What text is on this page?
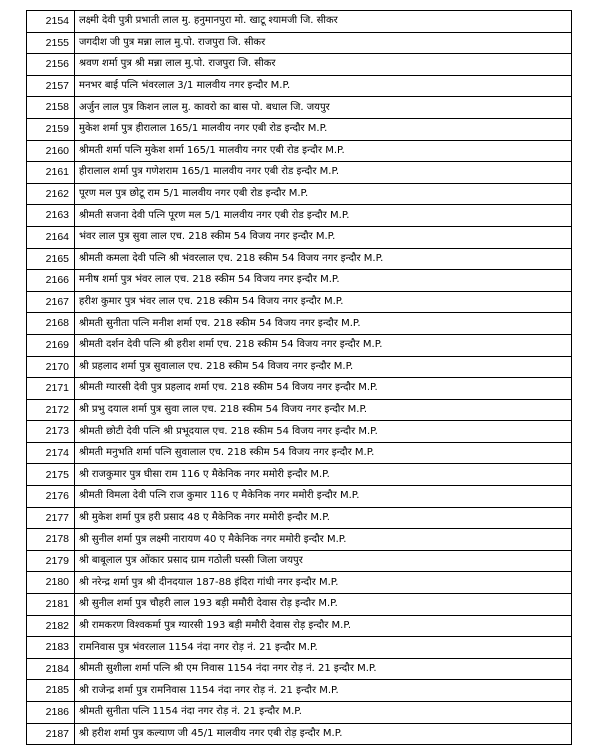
2154	लक्ष्मी देवी पुत्री प्रभाती लाल मु. हनुमानपुरा मो. खाटू श्यामजी जि. सीकर
2155	जगदीश जी पुत्र मन्ना लाल मु.पो. राजपुरा जि. सीकर
2156	श्रवण शर्मा पुत्र श्री मन्ना लाल मु.पो. राजपुरा जि. सीकर
2157	मनभर बाई पत्नि भंवरलाल 3/1 मालवीय नगर इन्दौर M.P.
2158	अर्जुन लाल पुत्र किशन लाल मु. कावरो का बास पो. बधाल जि. जयपुर
2159	मुकेश शर्मा पुत्र हीरालाल 165/1 मालवीय नगर एबी रोड इन्दौर M.P.
2160	श्रीमती शर्मा पत्नि मुकेश शर्मा 165/1 मालवीय नगर एबी रोड इन्दौर M.P.
2161	हीरालाल शर्मा पुत्र गणेशराम 165/1 मालवीय नगर एबी रोड इन्दौर M.P.
2162	पूरण मल पुत्र छोटू राम 5/1 मालवीय नगर एबी रोड इन्दौर M.P.
2163	श्रीमती सजना देवी पत्नि पूरण मल 5/1 मालवीय नगर एबी रोड इन्दौर M.P.
2164	भंवर लाल पुत्र सुवा लाल एच. 218 स्कीम 54 विजय नगर इन्दौर M.P.
2165	श्रीमती कमला देवी पत्नि श्री भंवरलाल एच. 218 स्कीम 54 विजय नगर इन्दौर M.P.
2166	मनीष शर्मा पुत्र भंवर लाल एच. 218 स्कीम 54 विजय नगर इन्दौर M.P.
2167	हरीश कुमार पुत्र भंवर लाल एच. 218 स्कीम 54 विजय नगर इन्दौर M.P.
2168	श्रीमती सुनीता पत्नि मनीश शर्मा एच. 218 स्कीम 54 विजय नगर इन्दौर M.P.
2169	श्रीमती दर्शन देवी पत्नि श्री हरीश शर्मा एच. 218 स्कीम 54 विजय नगर इन्दौर M.P.
2170	श्री प्रहलाद शर्मा पुत्र सुवालाल एच. 218 स्कीम 54 विजय नगर इन्दौर M.P.
2171	श्रीमती ग्यारसी देवी पुत्र प्रहलाद शर्मा एच. 218 स्कीम 54 विजय नगर इन्दौर M.P.
2172	श्री प्रभु दयाल शर्मा पुत्र सुवा लाल एच. 218 स्कीम 54 विजय नगर इन्दौर M.P.
2173	श्रीमती छोटी देवी पत्नि श्री प्रभूदयाल एच. 218 स्कीम 54 विजय नगर इन्दौर M.P.
2174	श्रीमती मनुभति शर्मा पत्नि सुवालाल एच. 218 स्कीम 54 विजय नगर इन्दौर M.P.
2175	श्री राजकुमार पुत्र घीसा राम 116 ए मैकेनिक नगर ममोरी इन्दौर M.P.
2176	श्रीमती विमला देवी पत्नि राज कुमार 116 ए मैकेनिक नगर ममोरी इन्दौर M.P.
2177	श्री मुकेश शर्मा पुत्र हरी प्रसाद 48 ए मैकेनिक नगर ममोरी इन्दौर M.P.
2178	श्री सुनील शर्मा पुत्र लक्ष्मी नारायण 40 ए मैकेनिक नगर ममोरी इन्दौर M.P.
2179	श्री बाबूलाल पुत्र ओंकार प्रसाद ग्राम गठोली घस्सी जिला जयपुर
2180	श्री नरेन्द्र शर्मा पुत्र श्री दीनदयाल 187-88 इंदिरा गांधी नगर इन्दौर M.P.
2181	श्री सुनील शर्मा पुत्र चौहरी लाल 193 बड़ी ममौरी देवास रोड़ इन्दौर M.P.
2182	श्री रामकरण विश्वकर्मा पुत्र ग्यारसी 193 बड़ी ममौरी देवास रोड़ इन्दौर M.P.
2183	रामनिवास पुत्र भंवरलाल 1154 नंदा नगर रोड़ नं. 21 इन्दौर M.P.
2184	श्रीमती सुशीला शर्मा पत्नि श्री एम निवास 1154 नंदा नगर रोड़ नं. 21 इन्दौर M.P.
2185	श्री राजेन्द्र शर्मा पुत्र रामनिवास 1154 नंदा नगर रोड़ नं. 21 इन्दौर M.P.
2186	श्रीमती सुनीता पत्नि 1154 नंदा नगर रोड़ नं. 21 इन्दौर M.P.
2187	श्री हरीश शर्मा पुत्र कल्याण जी 45/1 मालवीय नगर एबी रोड़ इन्दौर M.P.
